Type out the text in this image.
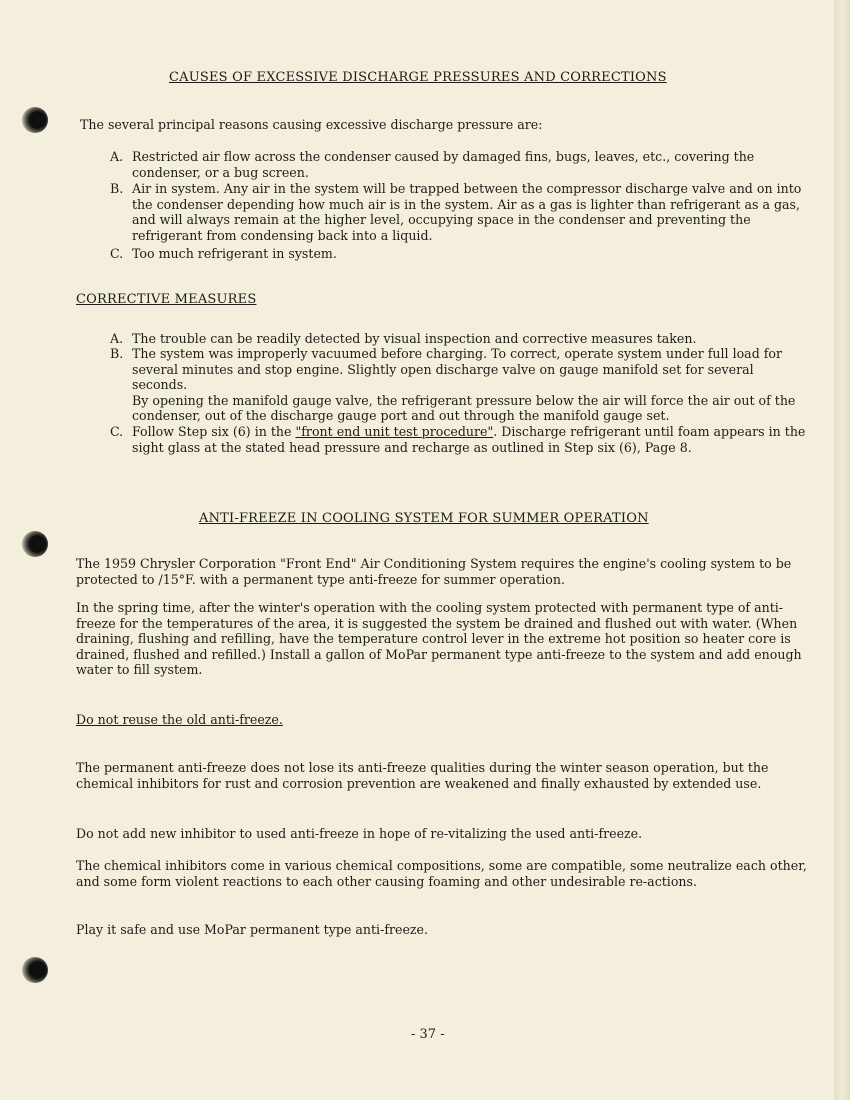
CAUSES OF EXCESSIVE DISCHARGE PRESSURES AND CORRECTIONS
The several principal reasons causing excessive discharge pressure are:
A. Restricted air flow across the condenser caused by damaged fins, bugs, leaves, etc., covering the condenser, or a bug screen.
B. Air in system. Any air in the system will be trapped between the compressor discharge valve and on into the condenser depending how much air is in the system. Air as a gas is lighter than refrigerant as a gas, and will always remain at the higher level, occupying space in the condenser and preventing the refrigerant from condensing back into a liquid.
C. Too much refrigerant in system.
CORRECTIVE MEASURES
A. The trouble can be readily detected by visual inspection and corrective measures taken.
B. The system was improperly vacuumed before charging. To correct, operate system under full load for several minutes and stop engine. Slightly open discharge valve on gauge manifold set for several seconds.
By opening the manifold gauge valve, the refrigerant pressure below the air will force the air out of the condenser, out of the discharge gauge port and out through the manifold gauge set.
C. Follow Step six (6) in the "front end unit test procedure". Discharge refrigerant until foam appears in the sight glass at the stated head pressure and recharge as outlined in Step six (6), Page 8.
ANTI-FREEZE IN COOLING SYSTEM FOR SUMMER OPERATION
The 1959 Chrysler Corporation "Front End" Air Conditioning System requires the engine's cooling system to be protected to /15°F. with a permanent type anti-freeze for summer operation.
In the spring time, after the winter's operation with the cooling system protected with permanent type of anti-freeze for the temperatures of the area, it is suggested the system be drained and flushed out with water. (When draining, flushing and refilling, have the temperature control lever in the extreme hot position so heater core is drained, flushed and refilled.) Install a gallon of MoPar permanent type anti-freeze to the system and add enough water to fill system.
Do not reuse the old anti-freeze.
The permanent anti-freeze does not lose its anti-freeze qualities during the winter season operation, but the chemical inhibitors for rust and corrosion prevention are weakened and finally exhausted by extended use.
Do not add new inhibitor to used anti-freeze in hope of re-vitalizing the used anti-freeze.
The chemical inhibitors come in various chemical compositions, some are compatible, some neutralize each other, and some form violent reactions to each other causing foaming and other undesirable re-actions.
Play it safe and use MoPar permanent type anti-freeze.
- 37 -
